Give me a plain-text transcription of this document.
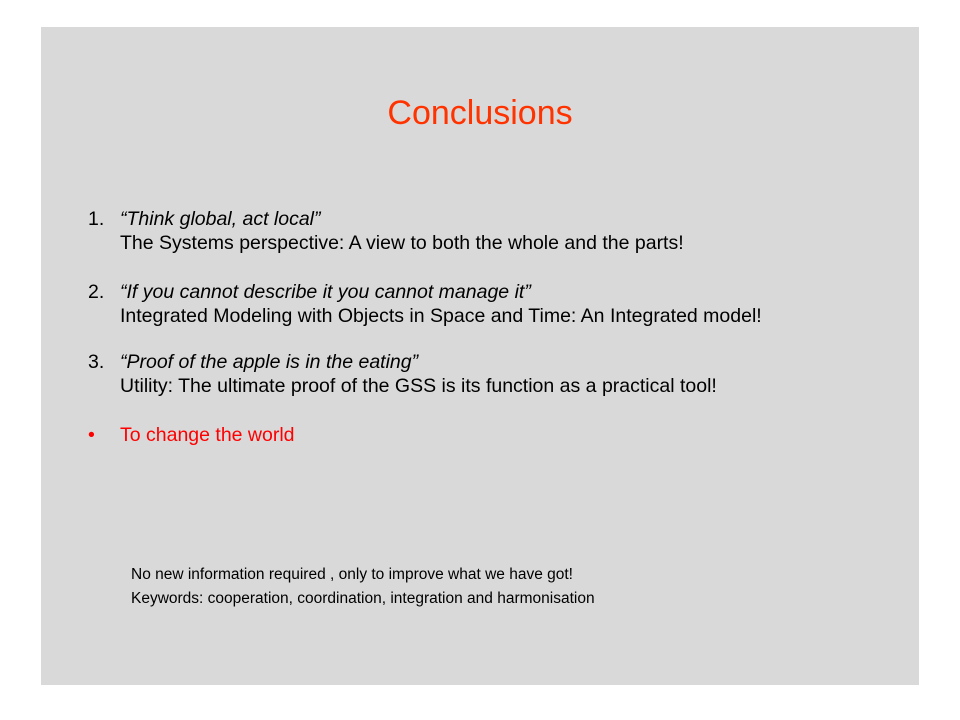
Conclusions
1. “Think global, act local”
The Systems perspective: A view to both the whole and the parts!
2. “If you cannot describe it you cannot manage it”
Integrated Modeling with Objects in Space and Time: An Integrated model!
3. “Proof of the apple is in the eating”
Utility: The ultimate proof of the GSS is its function as a practical tool!
• To change the world
No new information required , only to improve what we have got!
Keywords: cooperation, coordination, integration and harmonisation
